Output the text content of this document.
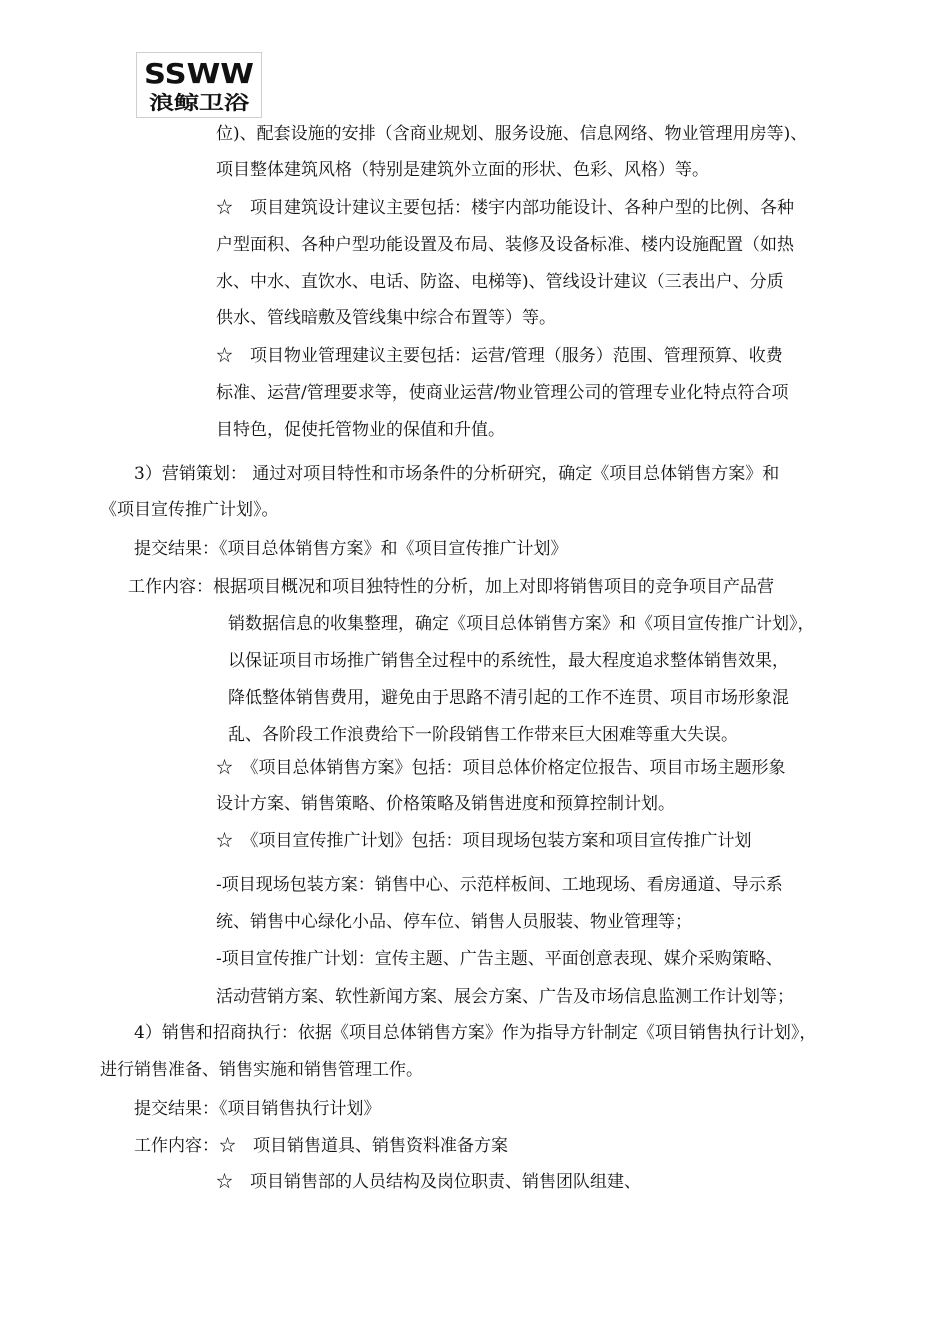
SSWW
浪鲸卫浴
位)、配套设施的安排（含商业规划、服务设施、信息网络、物业管理用房等)、
项目整体建筑风格（特别是建筑外立面的形状、色彩、风格）等。
☆　项目建筑设计建议主要包括：楼宇内部功能设计、各种户型的比例、各种
户型面积、各种户型功能设置及布局、装修及设备标准、楼内设施配置（如热
水、中水、直饮水、电话、防盗、电梯等)、管线设计建议（三表出户、分质
供水、管线暗敷及管线集中综合布置等）等。
☆　项目物业管理建议主要包括：运营/管理（服务）范围、管理预算、收费
标准、运营/管理要求等，使商业运营/物业管理公司的管理专业化特点符合项
目特色，促使托管物业的保值和升值。
3）营销策划： 通过对项目特性和市场条件的分析研究，确定《项目总体销售方案》和
《项目宣传推广计划》。
提交结果：《项目总体销售方案》和《项目宣传推广计划》
工作内容：根据项目概况和项目独特性的分析，加上对即将销售项目的竞争项目产品营
销数据信息的收集整理，确定《项目总体销售方案》和《项目宣传推广计划》，
以保证项目市场推广销售全过程中的系统性，最大程度追求整体销售效果，
降低整体销售费用，避免由于思路不清引起的工作不连贯、项目市场形象混
乱、各阶段工作浪费给下一阶段销售工作带来巨大困难等重大失误。
☆　《项目总体销售方案》包括：项目总体价格定位报告、项目市场主题形象
设计方案、销售策略、价格策略及销售进度和预算控制计划。
☆　《项目宣传推广计划》包括：项目现场包装方案和项目宣传推广计划
-项目现场包装方案：销售中心、示范样板间、工地现场、看房通道、导示系
统、销售中心绿化小品、停车位、销售人员服装、物业管理等；
-项目宣传推广计划：宣传主题、广告主题、平面创意表现、媒介采购策略、
活动营销方案、软性新闻方案、展会方案、广告及市场信息监测工作计划等；
4）销售和招商执行：依据《项目总体销售方案》作为指导方针制定《项目销售执行计划》，
进行销售准备、销售实施和销售管理工作。
提交结果：《项目销售执行计划》
工作内容：☆　项目销售道具、销售资料准备方案
☆　项目销售部的人员结构及岗位职责、销售团队组建、
